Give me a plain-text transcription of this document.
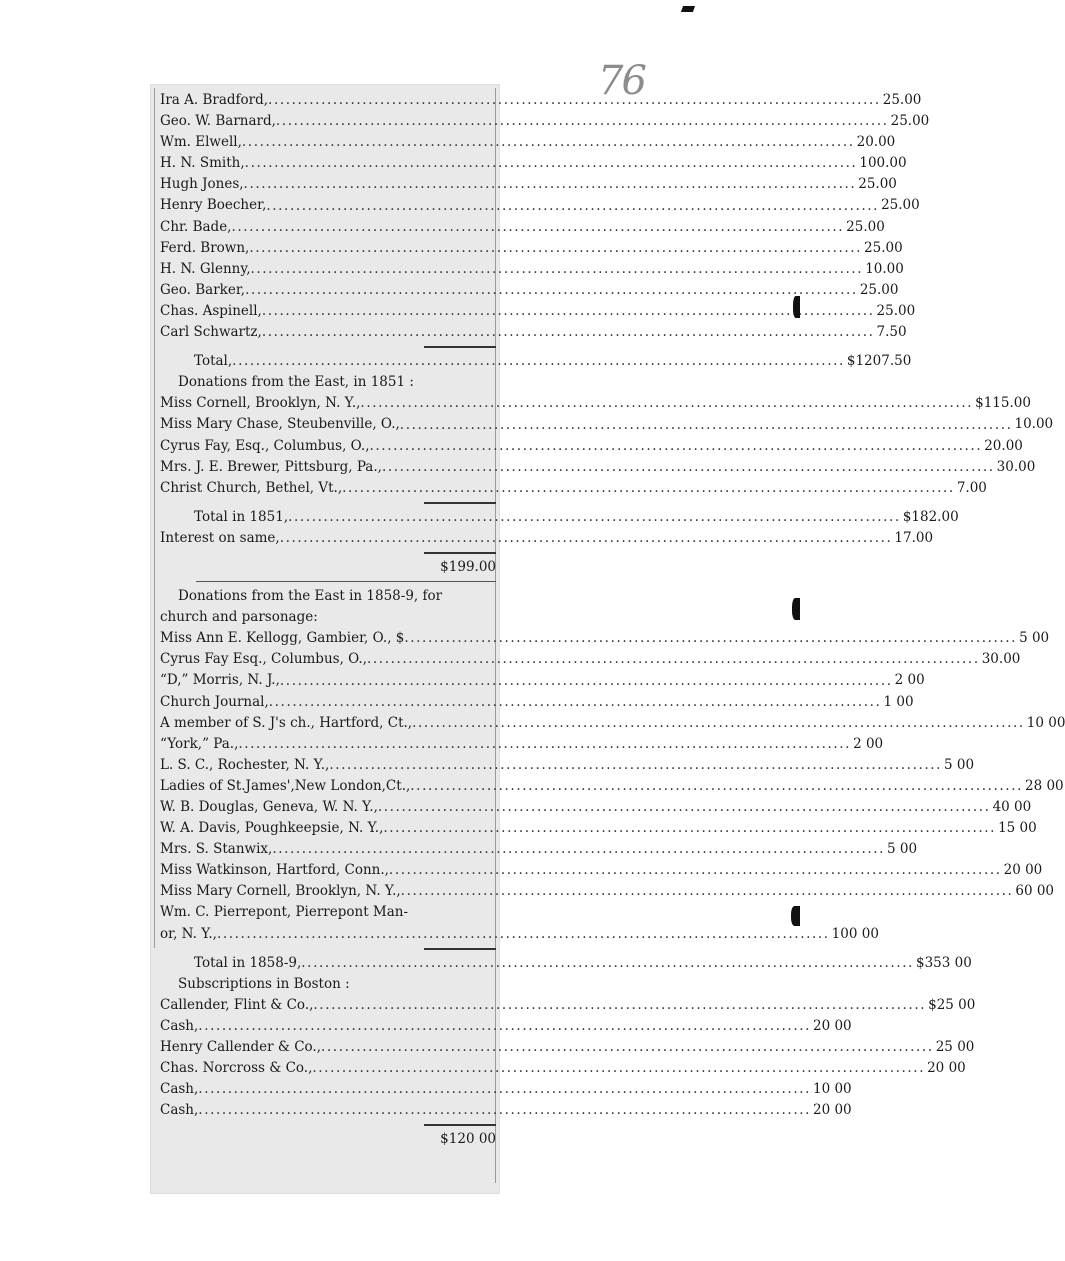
76
Ira A. Bradford, .....	25.00
Geo. W. Barnard, .....	25.00
Wm. Elwell, .....	20.00
H. N. Smith, .....	100.00
Hugh Jones, .....	25.00
Henry Boecher, .....	25.00
Chr. Bade, .....	25.00
Ferd. Brown, .....	25.00
H. N. Glenny, .....	10.00
Geo. Barker, .....	25.00
Chas. Aspinell, .....	25.00
Carl Schwartz, .....	7.50
Total, .....	$1207.50
Donations from the East, in 1851 :
Miss Cornell, Brooklyn, N. Y., .....	$115.00
Miss Mary Chase, Steubenville, O., .....	10.00
Cyrus Fay, Esq., Columbus, O., .....	20.00
Mrs. J. E. Brewer, Pittsburg, Pa., .....	30.00
Christ Church, Bethel, Vt., .....	7.00
Total in 1851, .....	$182.00
Interest on same, .....	17.00
$199.00
Donations from the East in 1858-9, for
church and parsonage:
Miss Ann E. Kellogg, Gambier, O., $ .....	5 00
Cyrus Fay Esq., Columbus, O., .....	30.00
“D,” Morris, N. J., .....	2 00
Church Journal, .....	1 00
A member of S. J's ch., Hartford, Ct., .....	10 00
“York,” Pa., .....	2 00
L. S. C., Rochester, N. Y., .....	5 00
Ladies of St.James',New London,Ct., .....	28 00
W. B. Douglas, Geneva, W. N. Y., .....	40 00
W. A. Davis, Poughkeepsie, N. Y., .....	15 00
Mrs. S. Stanwix, .....	5 00
Miss Watkinson, Hartford, Conn., .....	20 00
Miss Mary Cornell, Brooklyn, N. Y., .....	60 00
Wm. C. Pierrepont, Pierrepont Man-
or, N. Y., .....	100 00
Total in 1858-9, .....	$353 00
Subscriptions in Boston :
Callender, Flint & Co., .....	$25 00
Cash, .....	20 00
Henry Callender & Co., .....	25 00
Chas. Norcross & Co., .....	20 00
Cash, .....	10 00
Cash, .....	20 00
$120 00
